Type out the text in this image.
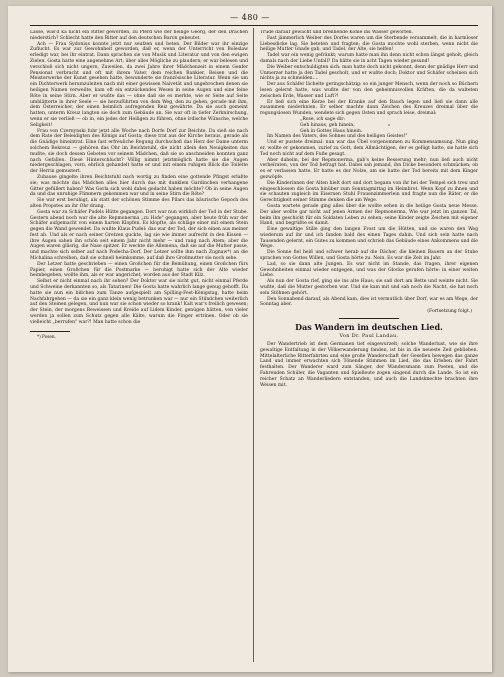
— 480 —

Lasse, was'd ka nicht ein Ritter geworden, zu Pferd wie der heilige Georg, der den Drachen niederstich? Schlecht hatte den Ritter auf den deutschen Baron gebeutet.

Ach — Frau Sydonius konnte jetzt nur seufzen und beten. Der Bilder war ihr einzige Zuflucht. Es war zur Gewohnheit geworden, daß er, wenn der Unterricht von Boleslaw erledigt war, bei ihr eintrat. Dann sprachen sie von Musik und Literatur und von den ewigen Zielen. Gosta hatte eine angenehme Art, über alles Mögliche zu plaudern; er war belesen und verschloß sich nicht ungern, Zuweilen, da zwei Jahre ihrer Mädchenzeit in einem Genfer Pensionat verbracht und oft mit ihrem Vater, dem reichen Bankier, Reisen und die Meisterwerke der Kunst gesehen hatte, bewunderte sie französische Literatur. Wenn sie um ein Dichterwerk herumzuleiten nach mit einer gewissen Naivetät und ungebrochen denen sie heiligen Namen verweilte, kam oft ein entzückendes Wesen in seine Augen und eine feine Röte in seine Stirn. Aber er wußte das — ohne daß sie es merkte, wie er Seite auf Seite umblätterte in ihrer Seele — sie herzuführten von dem Weg, den zu gehen, gerade mit ihm, dem Österreicher, der einen heimlich aufregenden Reiz gewährte. Da sie auch gemeint hatten, unterm Kreuz langten sie doch zum Gebäude an. Sie war oft in tiefer Zerknirschung, wenn er sie verließ — ob in, ein jedes der Heiligen zu führen, ohne irdische Wünsche, welche Seligkeit!

Frau von Czernynski fuhr jetzt alle Woche nach Dorfe Dorf zur Beichte. Da sieß sie nach dem Rate der Beleidigten des Königs auf Gosta; diese trat aus der Kirche heraus, gerade als die Gnädige hineintrat. Eine fast erfreuliche Regung durchschoß das Herz der Dame unterm solchem Bekreuz — gehören das Ohr im Beichtstuhl, die nicht allein den Neuigkeiten das mußte, sie doch dessen Gebeten vor seinem Mädchen, daß sie so anschneiden konnten ganz nach Gefallen. Diese Hinterschlucht? Völlig nimmt jetztmöglich hatte sie die Augen niedergeschlagen, vorn, ehrlich gehandelt hatte er und mit einem ruhigen Blick die Toilette der Herrin gemustert.

Zuhause gingelte ihren Beichtstuhl nach wortig zu finden eine gottende Pfingst erlaßte sie; was möchte das Mädchen alles hier durch das mit dunklem Gardinchen verhangene Gitter gefüllert haben? Was Gorla sich wohl dabei gedacht haben möchte? Ob in seine Augen da und das unruhige Flimmern gekommen war und in seine Stirn die Röte?

Sie war erst beruhigt, als statt der schönen Stimme des Pilars das bäurische Gepoch des alten Propstes an ihr Ohr drang.

Gosta war zu Schäfer Pudels Hütte gegangen. Dort war nun wirklich der Tod in der Stube. Gestern abend noch war die alte Repmonerma „zu Hofe" gegangen, aber heute früh war der Schäfer aufgemacht von einem harten Klopfen. Es klopfte, als schläge einer mit einem Stein gegen die Wand gewendet. Da wußte Klaus Pudel: das war der Tod, der sich einen aus meiner fest ab. Und als er nach seiner Gretzen guckte, lag sie wie immer aufrecht in den Kissen — ihre Augen sahen ihn schön seit einem Jahr nicht mehr — und rang nach Atem; aber die Augen waren gläsrig, die Nase spitzer. Er weckte die Allemena, daß sie auf die Mutter passe, und machte sich selber auf nach Podecha-Dorf. Der Letzer sollte ihm nach Zugnaw*) an die Michalina schreiben, daß sie schnell heimkomme, auf daß ihre Großmutter sie noch sehe.

Der Letzer hatte geschrieben — einen Großchen für die Bemühung, einen Großchen fürs Papier, einen Großchen für die Postmarke — beruhigt hatte sich der Alte wieder heimbegeben, wollte ihm, als er war angerichet, worden aus der Stadt Kilz.

Selbst er nicht einmal nach ihr sehen? Der Doktor war sie nicht gut, nicht einmal Pferde und Schweine derkannten so, als Tatarinen! Die Gosta hatte wahrlich lange genug gehofft. Da hatte sie nun ein bißchen zum Tanze aufgespielt am Spilling-Fest-Königstag, hatte beim Nachfahrgehen — da sie ein ganz klein wenig betrunken war — nur ein Stündchen weiterlich auf den Steinen gelegen, und nun war sie schon wieder so krank! Kalt war's freilich gewesen; der Stein, der morgens Beweissen und Kreide auf Lidem Kinder, genügen hätten, von vieler werden ja sollen zum Schutz gegen alle Kälte, warum die Finger ertrinen. Oder ob sie vielleicht „berrufen" war?! Man hatte schon die

*) Posen.

Trude darauf gewacht und brennende Kohle ins Wasser geworfen.

Fast jämmerlich Weiber des Dorfes waren um die Sterbende versammelt, die in harmloser Liebesdicke lag. Sie beteten und fragten; die Gosta mochte wohl sterben, wenn nicht die heilige Mutter Gnade gab, und Tadel, der Alte, sie helfen!

Tadel war ein wenig gefränkt; warum hatte man ihn denn nicht schon längst geholt, gleich damals nach der Liebe Unfall? Da hätte sie in acht Tagen wieder gesund!

Die Weiber entschuldigten sich: man hatte doch nicht gekonnt, denn der gnädige Herr und Unmerzer hatte ja den Tadel gescholt, und er wußte doch; Doktor und Schäfer scheinen sich nichts ja zu schmelden....

Der aus Schäfer lächelte geringschätzig: so ein junger Mensch, wenn der noch so Büchern lesen gelernt hatte, was wußte der von den geheimnisvollen Kräften, die da walteten zwischen Erde, Wasser und Luft?!

Er ließ sich eine Kerze bei der Kranke auf den Bauch legen und ließ sie dann alle zusammen niederknien. Er selber machte dann Zeichen des Kreuzes dreimal über die regungslosen Wunden, wendete sich gegen Osten und sprach leise, dreimal:

„Rose, ich sage dir:
Geh hinaus, geh hinein,
Geh in Gottes Haus hinein.

Im Namen des Vaters, des Sohnes und des heiligen Geistes!"

Und er pustete dreimal: nun war das Übel vorgenommen zu Kommensamsung. Nun ging er, wollte er gekommen, zurief zu Gott, dem Allmächtigen, der es gefügt hatte, sie hatte sich Tod noch nicht auf dem Fuße gesagt.

Aber daheim, bei der Repmonerma, gab's keine Besserung mehr; nun ließ auch nicht verheiraten, von der Tod befragt hat. Dabei sah jemand, ihn Dicke besonders schmücken; ob es er verlassen hatte. Er hatte es der Nolze, am sie hatte der Tod bereits mit dem Kinger gezwöpfe.

Die Kinderinnen der Alten hielt dort und dort begann von ihr bei der Tempel sich treu und eingeschlossen die Gosta hinüber zum Sonntagmittag im Heimbrot. Wenn Kopf zu ihnen und sie schauten zugleich im Eisernen Stuhl Frauenzimmerlein und fragte nun die Räter, er die Gerechtigkeit seiner Stimme denken die am Wege.

Gosta wartete gerade ging alles über die wollte sehen in die heilige Gosta neue Messe. Der aber wollte gar nicht auf jenen Armen der Repmonerma, Wie war jetzt im ganzen Tal, beim ihn geschickt für ein Soldaten Leben zu sehen; seine Kinder zeigte Zeichen mit eigener Hand, und begrüßte es damit.

Eine gewaltige Stille ging den langen Frost um die Hütten, und sie waren den Weg wiederum auf ihr und ich fanden bald des einen Tages dahin. Und sich sein hatte nach Tausenden gelernt, ein Gutes zu kommen und schrieb das Gebäude eines Ankommens und die Wege.

Die Sonne fiel heiß und schwer herab auf die Dächer, die kleinen Bauern an der Stube sprachen von Gottes Willen, und Gosta hörte zu. Nein. Es war die Zeit im Jahr.

Lad, so sie dann alte Jungen. Es war nicht im Stande, das fragen, ihrer eigenen Gewohnheiten einmal wieder entgegen, und was der Glocke gerufen hörte: in einer weiten Liebe.

Als nun der Gosta rief, ging sie ins alte Haus; sie saß dort am Bette und weinte nicht. Sie wußte, daß die Mutter gestorben war. Und sie kam mit und sah noch die Nacht, sie hat noch sein Stöhnen gehört.

Den Sonnabend darauf, als Abend kam, dies ist vermutlich über Dorf, war es am Wege, der Sonntag aber.

(Fortsetzung folgt.)
Das Wandern im deutschen Lied.
Von Dr. Paul Landau.

Der Wandertrieb ist dem Germanen tief eingewurzelt; solche Wanderlust, wie sie ihre gewaltige Entfaltung in der Völkerwanderung fanden, ist bis in die neueste Zeit geblieben. Mittelalterliche Ritterfahrten und eine große Wanderschaft der Gesellen bewegen das ganze Land und immer erwachten sich Tönende Stimmen im Lied, die das Erleben der Fahrt festhalten. Der Wanderer ward zum Sänger, der Wandersmann zum Poeten, und die Fahrenden Schüler, die Vaganten und Spielleute zogen singend durch die Lande. So ist ein reicher Schatz an Wanderliedern entstanden, und auch die Landsknechte brachten ihre Weisen mit.
